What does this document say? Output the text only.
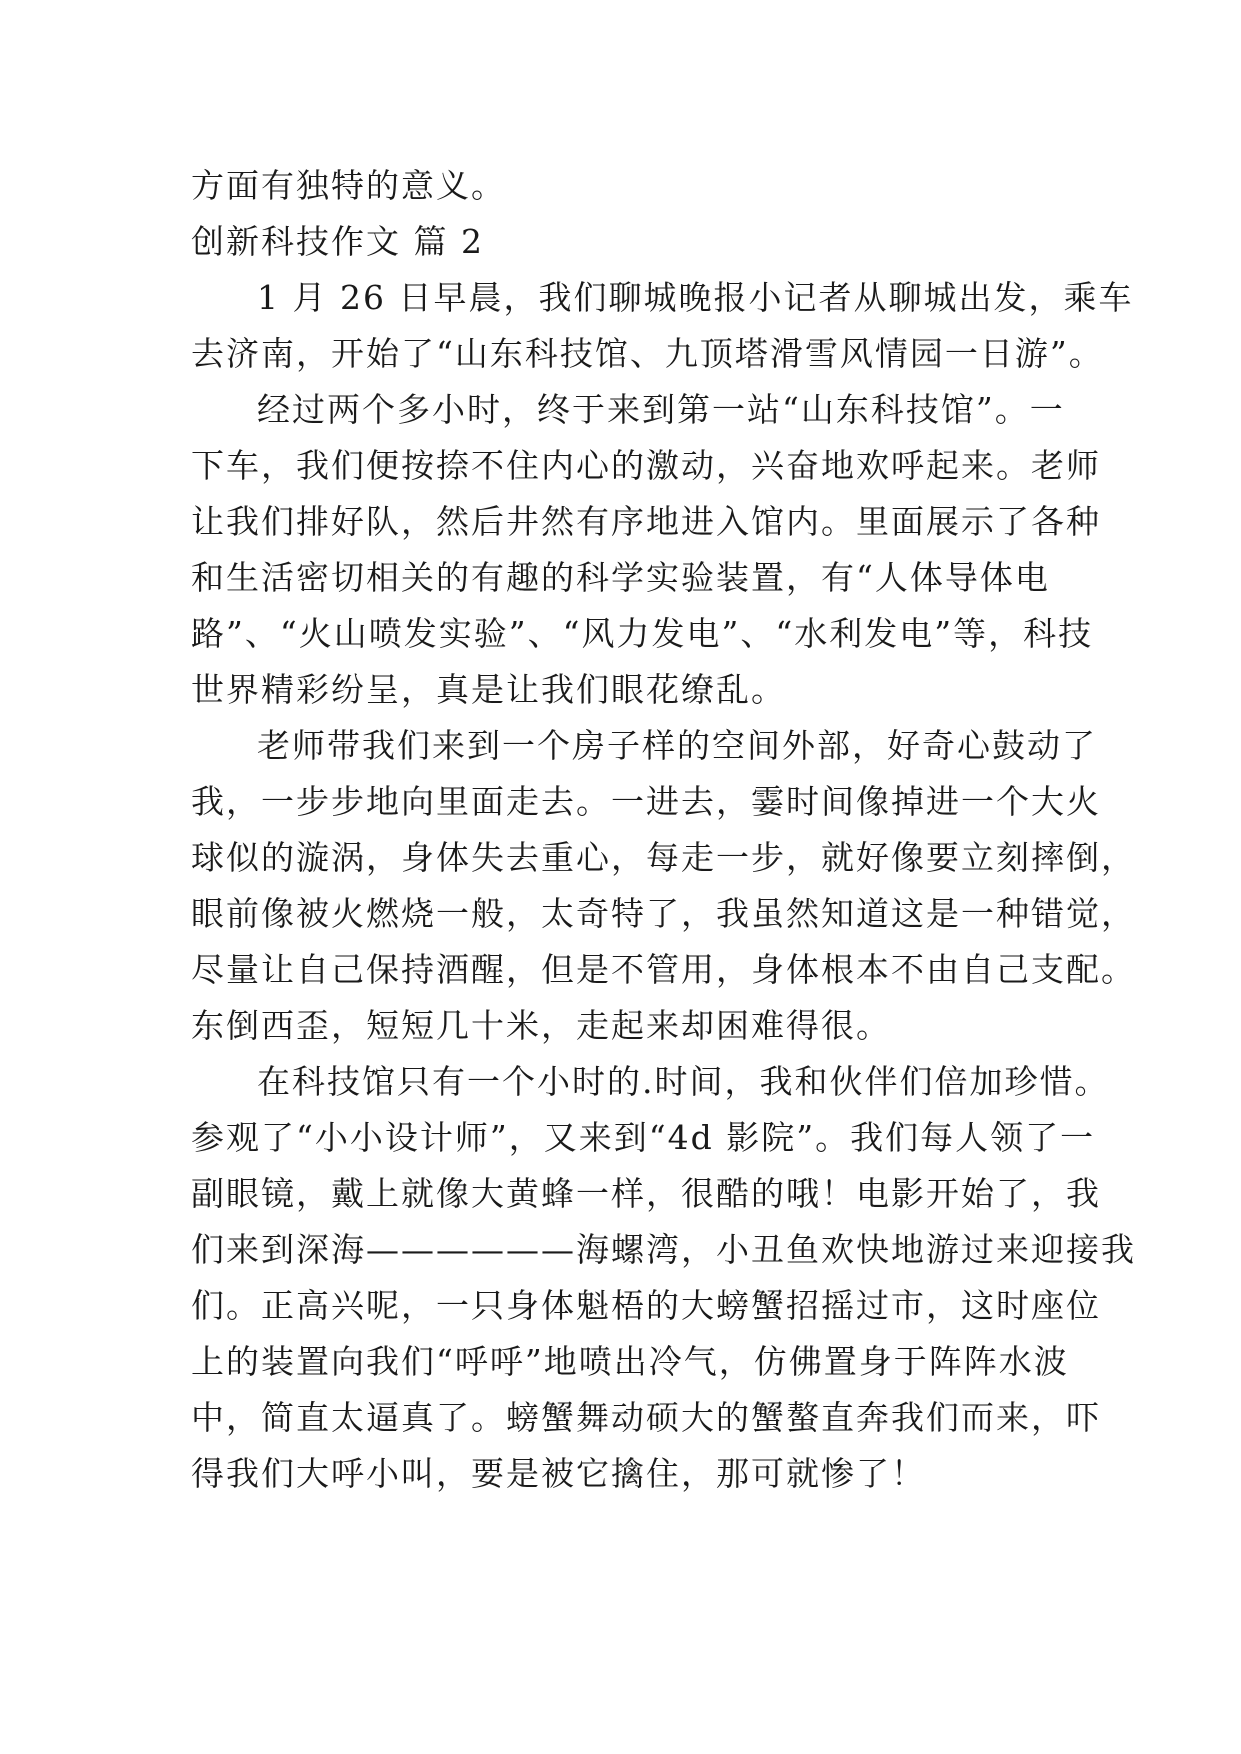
方面有独特的意义。
创新科技作文 篇 2
1 月 26 日早晨，我们聊城晚报小记者从聊城出发，乘车
去济南，开始了“山东科技馆、九顶塔滑雪风情园一日游”。
经过两个多小时，终于来到第一站“山东科技馆”。一
下车，我们便按捺不住内心的激动，兴奋地欢呼起来。老师
让我们排好队，然后井然有序地进入馆内。里面展示了各种
和生活密切相关的有趣的科学实验装置，有“人体导体电
路”、“火山喷发实验”、“风力发电”、“水利发电”等，科技
世界精彩纷呈，真是让我们眼花缭乱。
老师带我们来到一个房子样的空间外部，好奇心鼓动了
我，一步步地向里面走去。一进去，霎时间像掉进一个大火
球似的漩涡，身体失去重心，每走一步，就好像要立刻摔倒，
眼前像被火燃烧一般，太奇特了，我虽然知道这是一种错觉，
尽量让自己保持酒醒，但是不管用，身体根本不由自己支配。
东倒西歪，短短几十米，走起来却困难得很。
在科技馆只有一个小时的.时间，我和伙伴们倍加珍惜。
参观了“小小设计师”，又来到“4d 影院”。我们每人领了一
副眼镜，戴上就像大黄蜂一样，很酷的哦！电影开始了，我
们来到深海——————海螺湾，小丑鱼欢快地游过来迎接我
们。正高兴呢，一只身体魁梧的大螃蟹招摇过市，这时座位
上的装置向我们“呼呼”地喷出冷气，仿佛置身于阵阵水波
中，简直太逼真了。螃蟹舞动硕大的蟹螯直奔我们而来，吓
得我们大呼小叫，要是被它擒住，那可就惨了！
